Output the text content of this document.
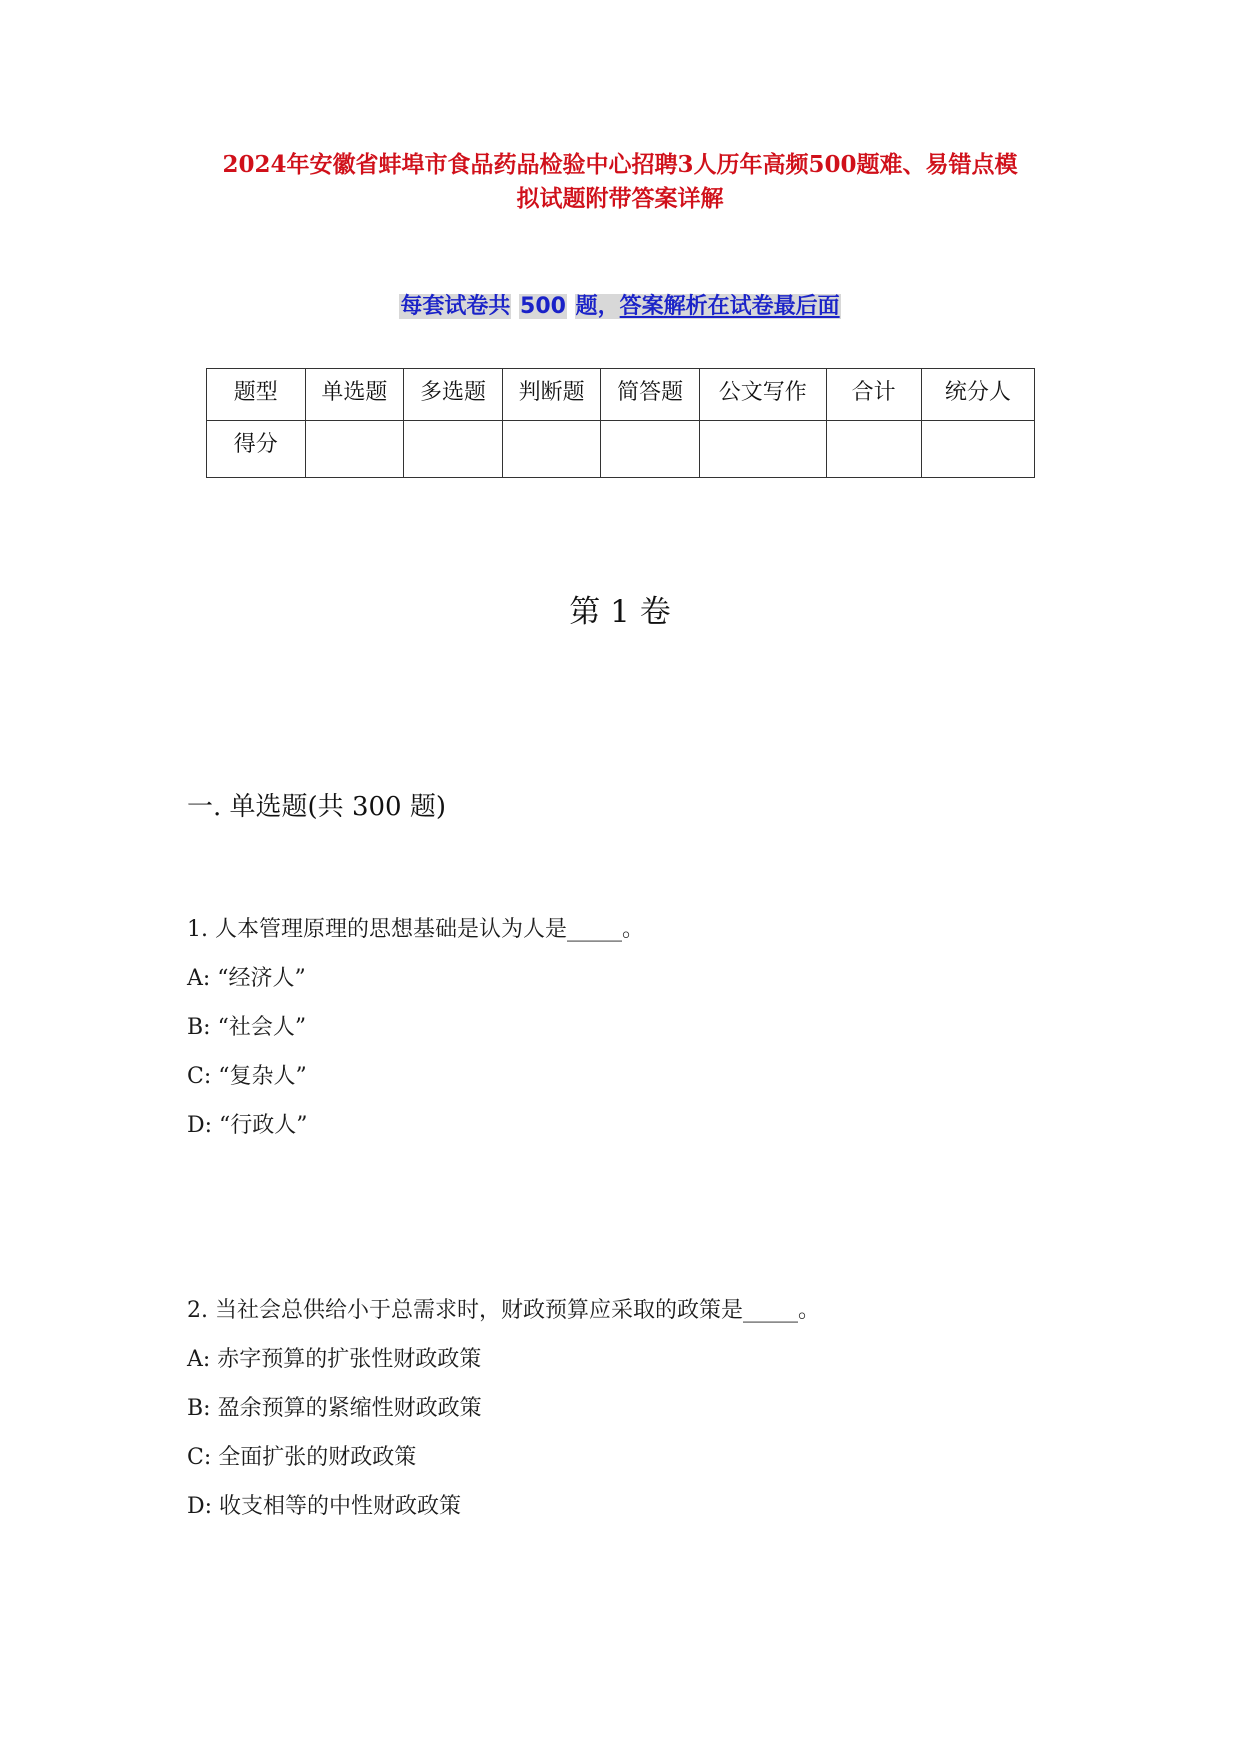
2024年安徽省蚌埠市食品药品检验中心招聘3人历年高频500题难、易错点模
拟试题附带答案详解
每套试卷共 500 题，答案解析在试卷最后面
题型	单选题	多选题	判断题	简答题	公文写作	合计	统分人
得分							
第 1 卷
一. 单选题(共 300 题)
1. 人本管理原理的思想基础是认为人是_____。
A: “经济人”
B: “社会人”
C: “复杂人”
D: “行政人”
2. 当社会总供给小于总需求时，财政预算应采取的政策是_____。
A: 赤字预算的扩张性财政政策
B: 盈余预算的紧缩性财政政策
C: 全面扩张的财政政策
D: 收支相等的中性财政政策
